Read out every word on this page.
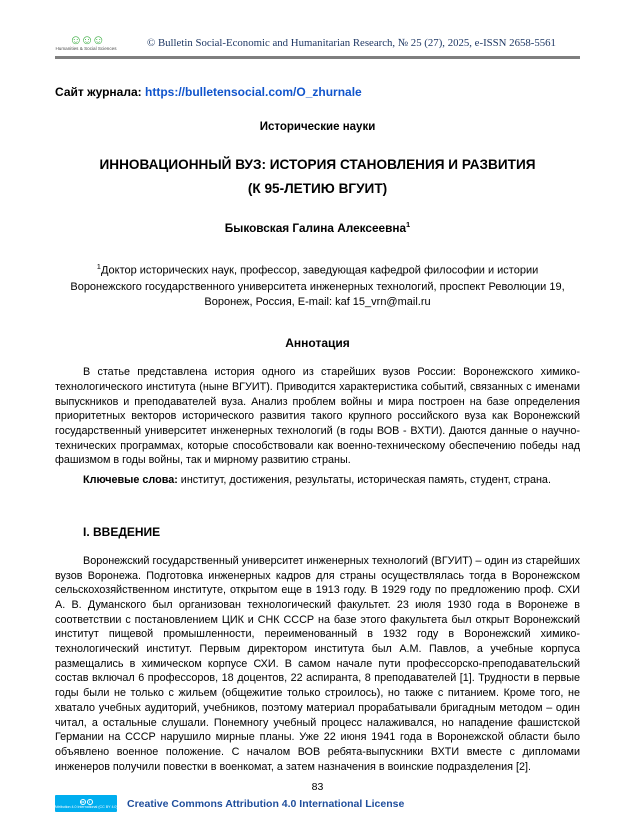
☺☺☺
Humanities & Social Sciences	© Bulletin Social-Economic and Humanitarian Research, № 25 (27), 2025, e-ISSN 2658-5561
Сайт журнала: https://bulletensocial.com/O_zhurnale
Исторические науки
ИННОВАЦИОННЫЙ ВУЗ: ИСТОРИЯ СТАНОВЛЕНИЯ И РАЗВИТИЯ
(К 95-ЛЕТИЮ ВГУИТ)
Быковская Галина Алексеевна$^1$
$^1$Доктор исторических наук, профессор, заведующая кафедрой философии и истории Воронежского государственного университета инженерных технологий, проспект Революции 19, Воронеж, Россия, E-mail: kaf 15_vrn@mail.ru
Аннотация
В статье представлена история одного из старейших вузов России: Воронежского химико-технологического института (ныне ВГУИТ). Приводится характеристика событий, связанных с именами выпускников и преподавателей вуза. Анализ проблем войны и мира построен на базе определения приоритетных векторов исторического развития такого крупного российского вуза как Воронежский государственный университет инженерных технологий (в годы ВОВ - ВХТИ). Даются данные о научно-технических программах, которые способствовали как военно-техническому обеспечению победы над фашизмом в годы войны, так и мирному развитию страны.
Ключевые слова: институт, достижения, результаты, историческая память, студент, страна.
I. ВВЕДЕНИЕ
Воронежский государственный университет инженерных технологий (ВГУИТ) – один из старейших вузов Воронежа. Подготовка инженерных кадров для страны осуществлялась тогда в Воронежском сельскохозяйственном институте, открытом еще в 1913 году. В 1929 году по предложению проф. СХИ А. В. Думанского был организован технологический факультет. 23 июля 1930 года в Воронеже в соответствии с постановлением ЦИК и СНК СССР на базе этого факультета был открыт Воронежский институт пищевой промышленности, переименованный в 1932 году в Воронежский химико-технологический институт. Первым директором института был А.М. Павлов, а учебные корпуса размещались в химическом корпусе СХИ. В самом начале пути профессорско-преподавательский состав включал 6 профессоров, 18 доцентов, 22 аспиранта, 8 преподавателей [1]. Трудности в первые годы были не только с жильем (общежитие только строилось), но также с питанием. Кроме того, не хватало учебных аудиторий, учебников, поэтому материал прорабатывали бригадным методом – один читал, а остальные слушали. Понемногу учебный процесс налаживался, но нападение фашистской Германии на СССР нарушило мирные планы. Уже 22 июня 1941 года в Воронежской области было объявлено военное положение. С началом ВОВ ребята-выпускники ВХТИ вместе с дипломами инженеров получили повестки в военкомат, а затем назначения в воинские подразделения [2].
83
cc	i
Attribution 4.0 International (CC BY 4.0) Creative Commons Attribution 4.0 International License
